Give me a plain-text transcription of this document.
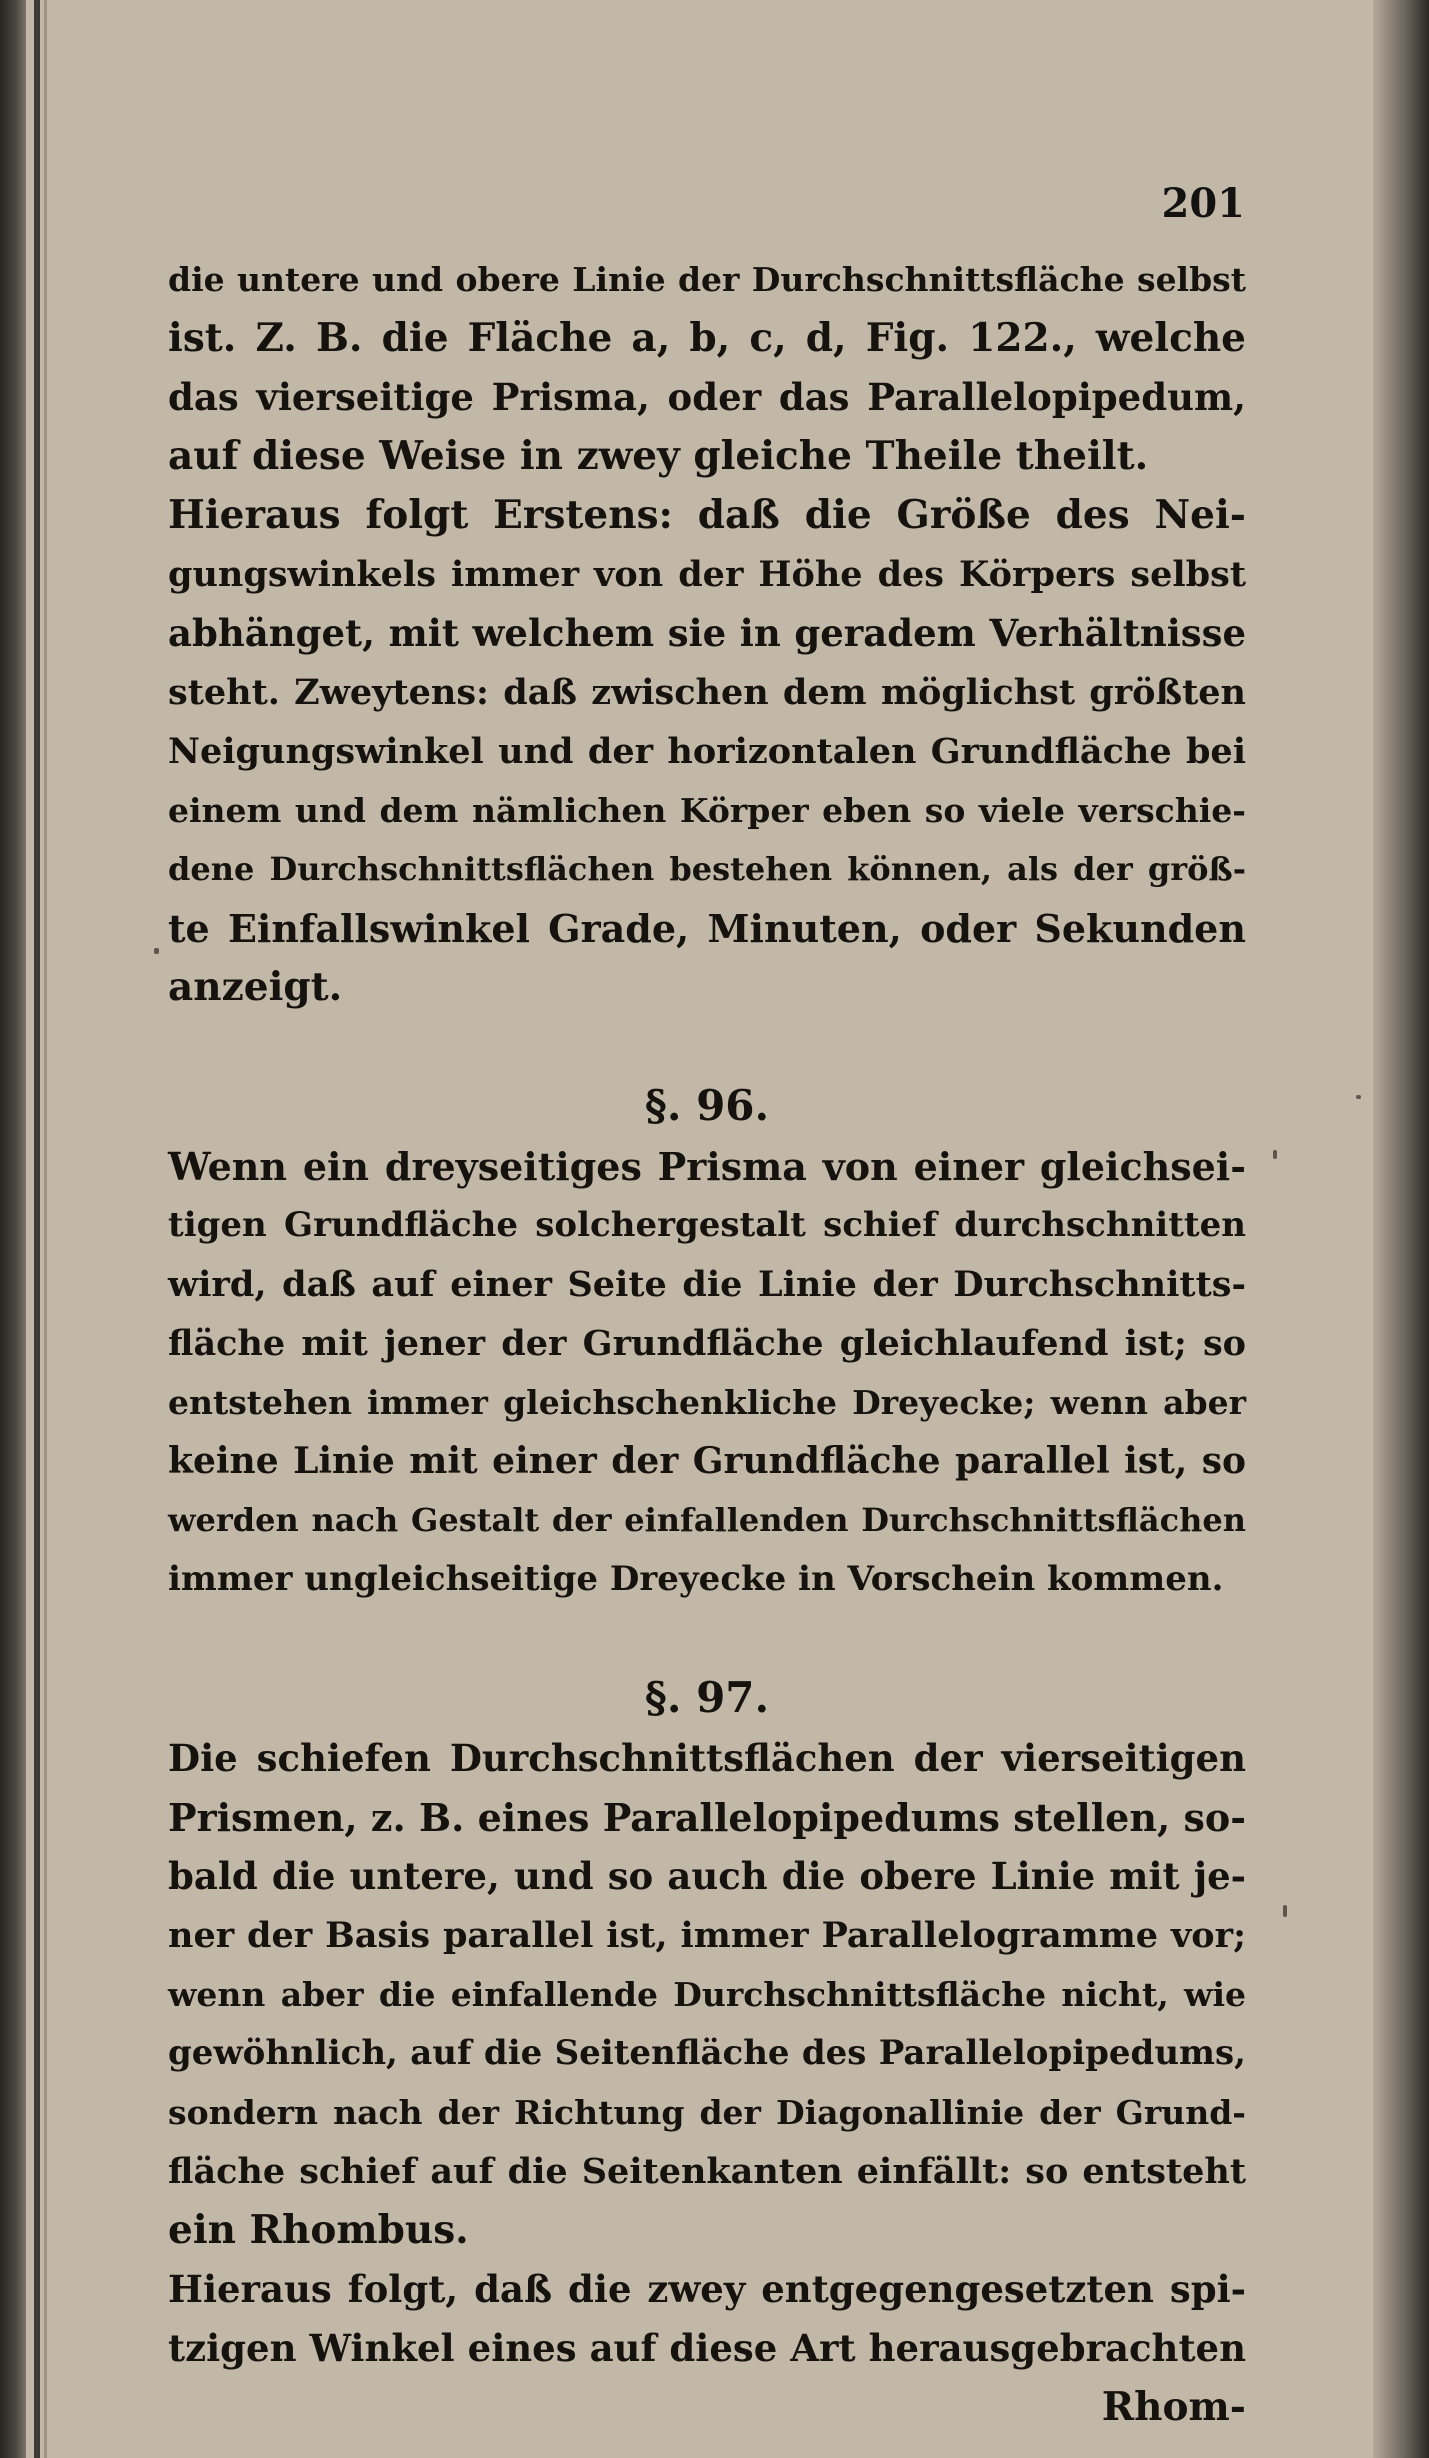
201
die untere und obere Linie der Durchschnittsfläche selbst
ist. Z. B. die Fläche a, b, c, d, Fig. 122., welche
das vierseitige Prisma, oder das Parallelopipedum,
auf diese Weise in zwey gleiche Theile theilt.
Hieraus folgt Erstens: daß die Größe des Nei-
gungswinkels immer von der Höhe des Körpers selbst
abhänget, mit welchem sie in geradem Verhältnisse
steht. Zweytens: daß zwischen dem möglichst größten
Neigungswinkel und der horizontalen Grundfläche bei
einem und dem nämlichen Körper eben so viele verschie-
dene Durchschnittsflächen bestehen können, als der größ-
te Einfallswinkel Grade, Minuten, oder Sekunden
anzeigt.
§. 96.
Wenn ein dreyseitiges Prisma von einer gleichsei-
tigen Grundfläche solchergestalt schief durchschnitten
wird, daß auf einer Seite die Linie der Durchschnitts-
fläche mit jener der Grundfläche gleichlaufend ist; so
entstehen immer gleichschenkliche Dreyecke; wenn aber
keine Linie mit einer der Grundfläche parallel ist, so
werden nach Gestalt der einfallenden Durchschnittsflächen
immer ungleichseitige Dreyecke in Vorschein kommen.
§. 97.
Die schiefen Durchschnittsflächen der vierseitigen
Prismen, z. B. eines Parallelopipedums stellen, so-
bald die untere, und so auch die obere Linie mit je-
ner der Basis parallel ist, immer Parallelogramme vor;
wenn aber die einfallende Durchschnittsfläche nicht, wie
gewöhnlich, auf die Seitenfläche des Parallelopipedums,
sondern nach der Richtung der Diagonallinie der Grund-
fläche schief auf die Seitenkanten einfällt: so entsteht
ein Rhombus.
Hieraus folgt, daß die zwey entgegengesetzten spi-
tzigen Winkel eines auf diese Art herausgebrachten
Rhom-
